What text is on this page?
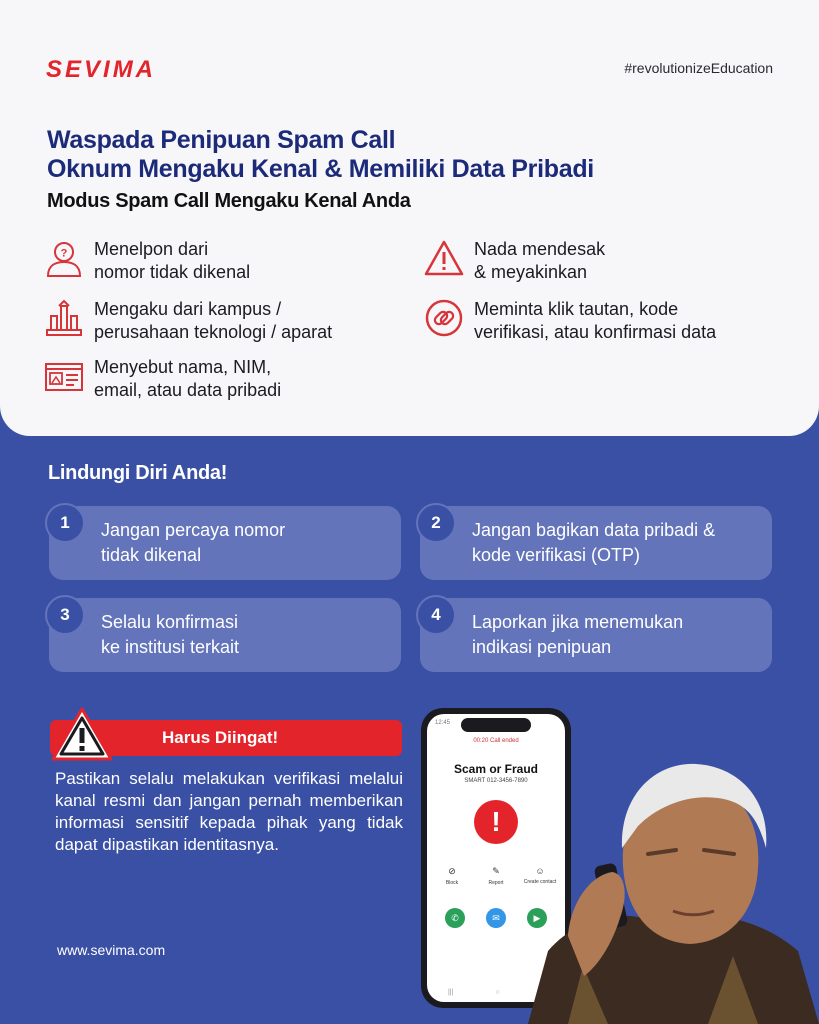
SEVIMA	#revolutionizeEducation
Waspada Penipuan Spam Call
Oknum Mengaku Kenal & Memiliki Data Pribadi
Modus Spam Call Mengaku Kenal Anda
? Menelpon dari
nomor tidak dikenal
Nada mendesak
& meyakinkan
Mengaku dari kampus /
perusahaan teknologi / aparat
Meminta klik tautan, kode
verifikasi, atau konfirmasi data
Menyebut nama, NIM,
email, atau data pribadi
Lindungi Diri Anda!
Jangan percaya nomor
tidak dikenal
1	Jangan bagikan data pribadi &
kode verifikasi (OTP)
2
Selalu konfirmasi
ke institusi terkait
3	Laporkan jika menemukan
indikasi penipuan
4
Harus Diingat!
Pastikan selalu melakukan verifikasi melalui kanal resmi dan jangan pernah memberikan informasi sensitif kepada pihak yang tidak dapat dipastikan identitasnya.
www.sevima.com
12:45
00:20 Call ended
Scam or Fraud
SMART 012-3456-7890
!
⊘
Block
✎
Report
☺
Create contact
✆	✉	▶
|||	○
